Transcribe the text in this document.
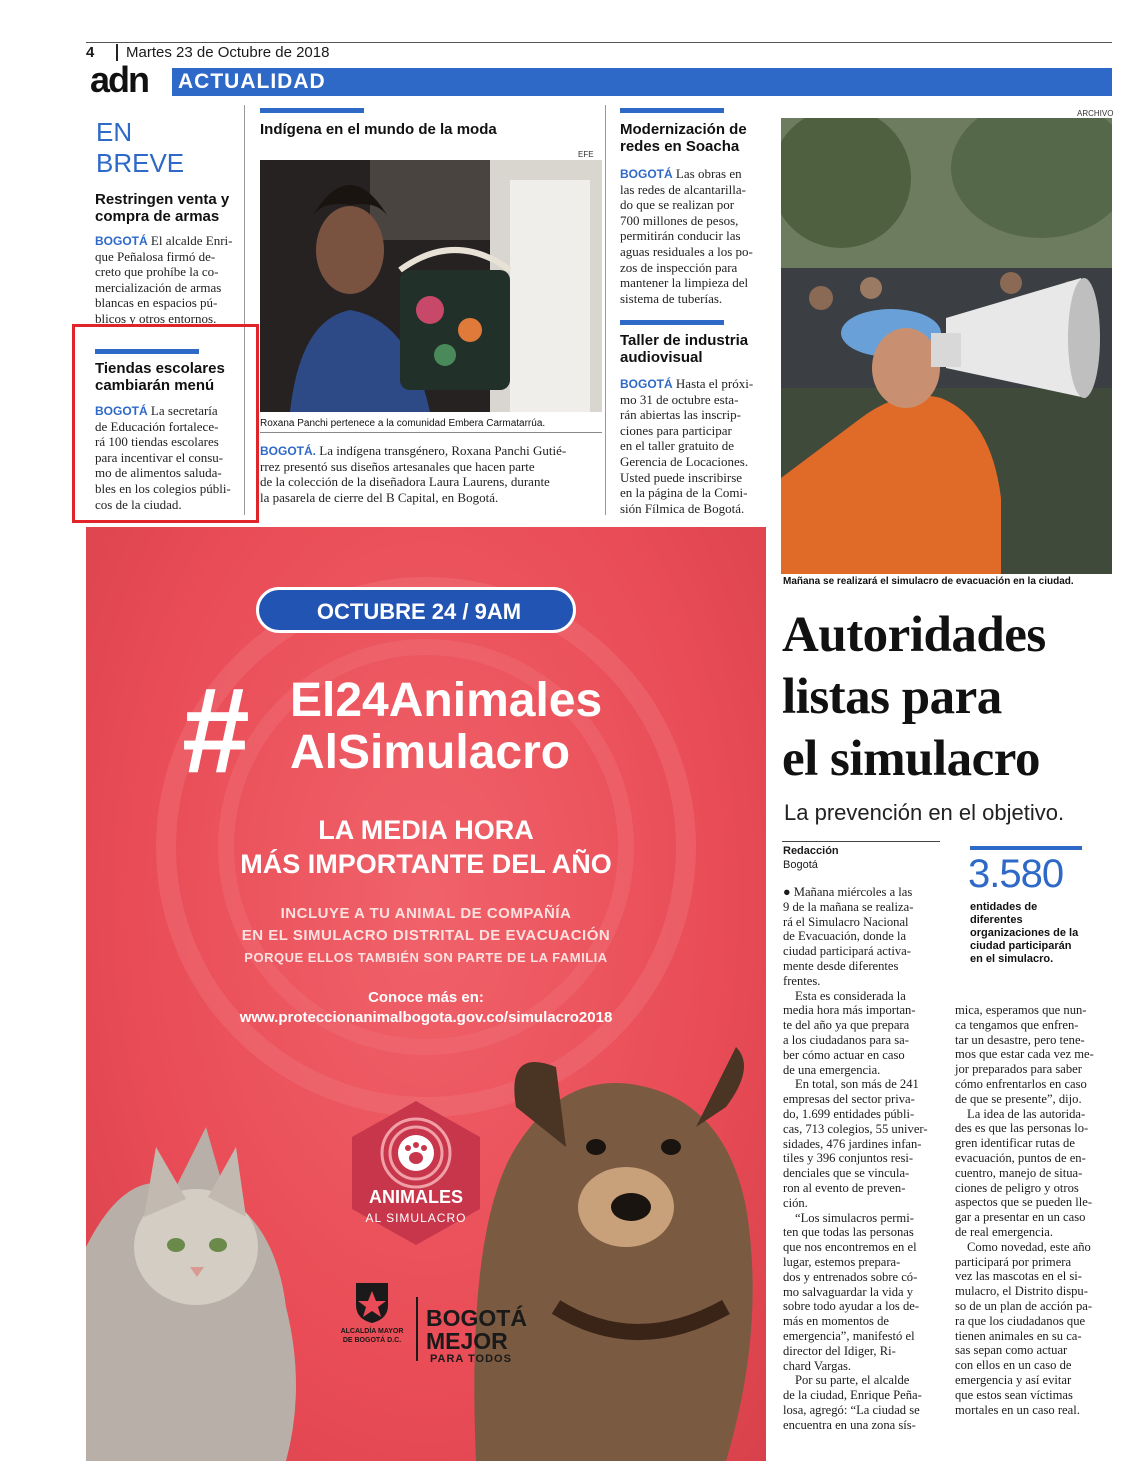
4	Martes 23 de Octubre de 2018
adn ACTUALIDAD
EN
BREVE
Restringen venta y
compra de armas
BOGOTÁ El alcalde Enri-
que Peñalosa firmó de-
creto que prohíbe la co-
mercialización de armas
blancas en espacios pú-
blicos y otros entornos.
Tiendas escolares
cambiarán menú
BOGOTÁ La secretaría
de Educación fortalece-
rá 100 tiendas escolares
para incentivar el consu-
mo de alimentos saluda-
bles en los colegios públi-
cos de la ciudad.
Indígena en el mundo de la moda
EFE
Roxana Panchi pertenece a la comunidad Embera Carmatarrúa.
BOGOTÁ. La indígena transgénero, Roxana Panchi Gutié-
rrez presentó sus diseños artesanales que hacen parte
de la colección de la diseñadora Laura Laurens, durante
la pasarela de cierre del B Capital, en Bogotá.
Modernización de
redes en Soacha
BOGOTÁ Las obras en
las redes de alcantarilla-
do que se realizan por
700 millones de pesos,
permitirán conducir las
aguas residuales a los po-
zos de inspección para
mantener la limpieza del
sistema de tuberías.
Taller de industria
audiovisual
BOGOTÁ Hasta el próxi-
mo 31 de octubre esta-
rán abiertas las inscrip-
ciones para participar
en el taller gratuito de
Gerencia de Locaciones.
Usted puede inscribirse
en la página de la Comi-
sión Fílmica de Bogotá.
ARCHIVO
Mañana se realizará el simulacro de evacuación en la ciudad.
Autoridades
listas para
el simulacro
La prevención en el objetivo.
Redacción
Bogotá	3.580
entidades de
diferentes
organizaciones de la
ciudad participarán
en el simulacro.
● Mañana miércoles a las
9 de la mañana se realiza-
rá el Simulacro Nacional
de Evacuación, donde la
ciudad participará activa-
mente desde diferentes
frentes.
Esta es considerada la
media hora más importan-
te del año ya que prepara
a los ciudadanos para sa-
ber cómo actuar en caso
de una emergencia.
En total, son más de 241
empresas del sector priva-
do, 1.699 entidades públi-
cas, 713 colegios, 55 univer-
sidades, 476 jardines infan-
tiles y 396 conjuntos resi-
denciales que se vincula-
ron al evento de preven-
ción.
“Los simulacros permi-
ten que todas las personas
que nos encontremos en el
lugar, estemos prepara-
dos y entrenados sobre có-
mo salvaguardar la vida y
sobre todo ayudar a los de-
más en momentos de
emergencia”, manifestó el
director del Idiger, Ri-
chard Vargas.
Por su parte, el alcalde
de la ciudad, Enrique Peña-
losa, agregó: “La ciudad se
encuentra en una zona sís-
mica, esperamos que nun-
ca tengamos que enfren-
tar un desastre, pero tene-
mos que estar cada vez me-
jor preparados para saber
cómo enfrentarlos en caso
de que se presente”, dijo.
La idea de las autorida-
des es que las personas lo-
gren identificar rutas de
evacuación, puntos de en-
cuentro, manejo de situa-
ciones de peligro y otros
aspectos que se pueden lle-
gar a presentar en un caso
de real emergencia.
Como novedad, este año
participará por primera
vez las mascotas en el si-
mulacro, el Distrito dispu-
so de un plan de acción pa-
ra que los ciudadanos que
tienen animales en su ca-
sas sepan como actuar
con ellos en un caso de
emergencia y así evitar
que estos sean víctimas
mortales en un caso real.
OCTUBRE 24 / 9AM
# El24Animales
AlSimulacro
LA MEDIA HORA
MÁS IMPORTANTE DEL AÑO
INCLUYE A TU ANIMAL DE COMPAÑÍA
EN EL SIMULACRO DISTRITAL DE EVACUACIÓN
PORQUE ELLOS TAMBIÉN SON PARTE DE LA FAMILIA
Conoce más en:
www.proteccionanimalbogota.gov.co/simulacro2018
ANIMALES
AL SIMULACRO
ALCALDÍA MAYOR
DE BOGOTÁ D.C.
BOGOTÁ
MEJOR
PARA TODOS
